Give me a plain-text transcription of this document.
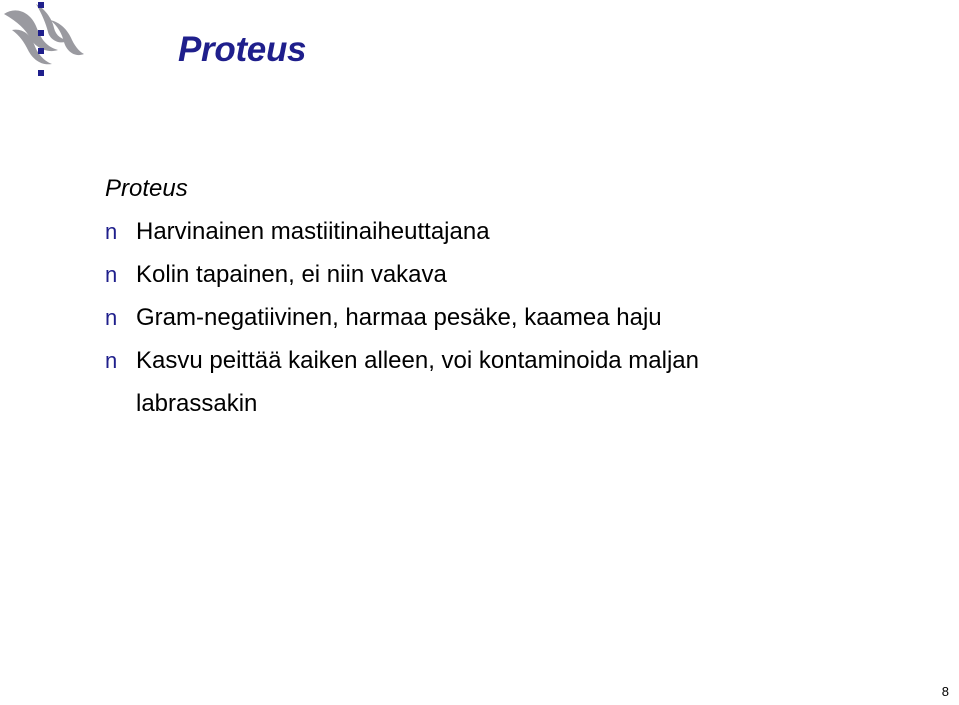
Proteus

Proteus

n Harvinainen mastiitinaiheuttajana
n Kolin tapainen, ei niin vakava
n Gram-negatiivinen, harmaa pesäke, kaamea haju
n Kasvu peittää kaiken alleen, voi kontaminoida maljan labrassakin
8
